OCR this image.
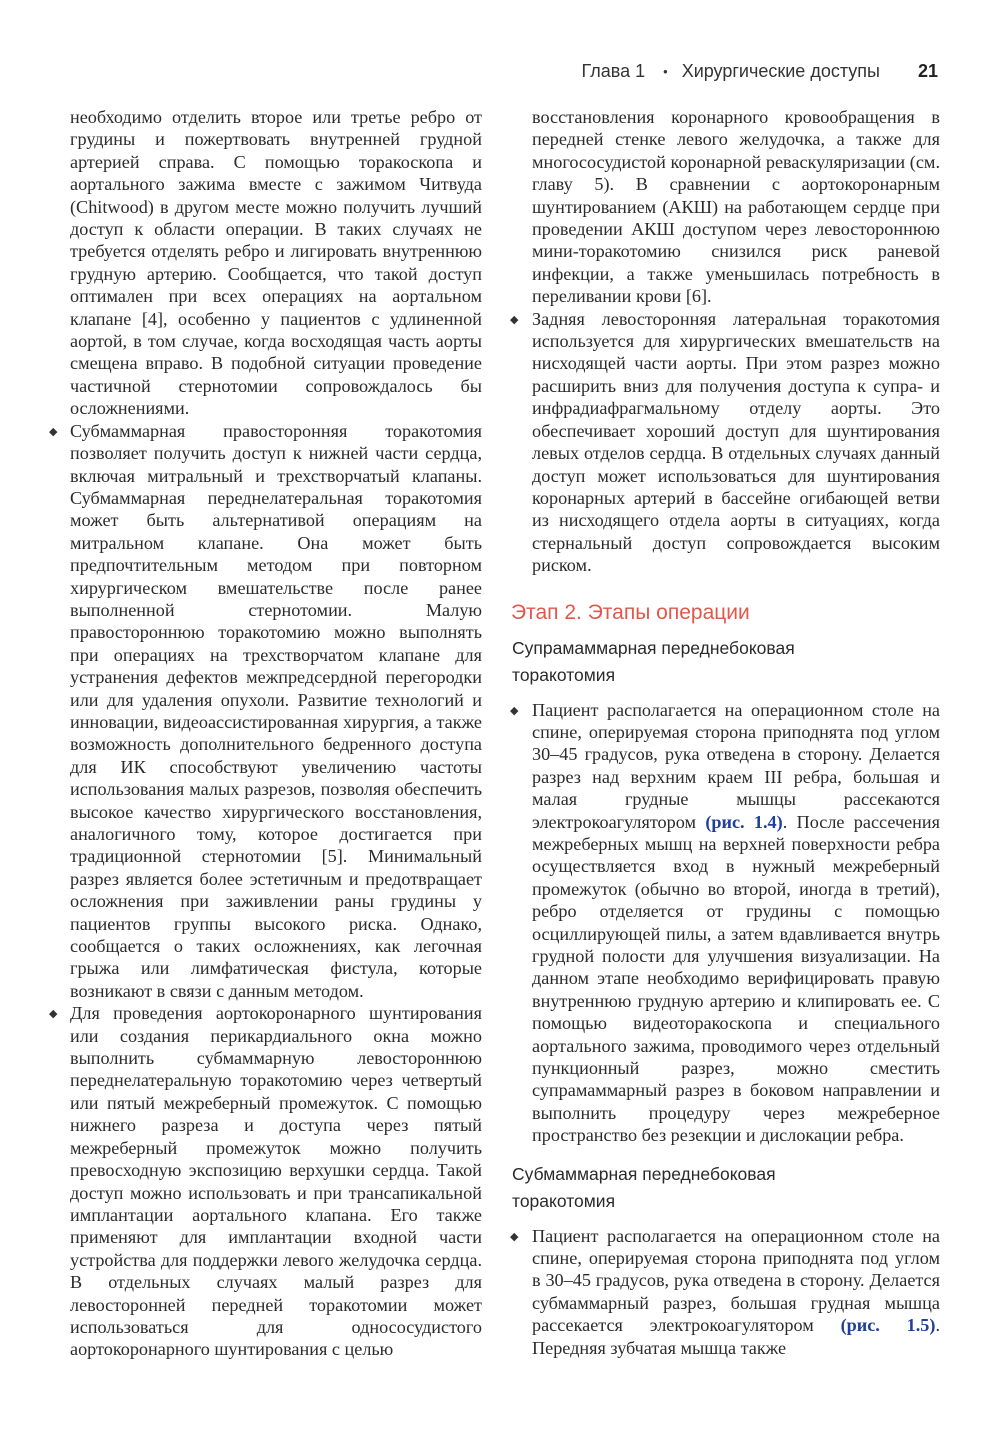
Глава 1 • Хирургические доступы 21

необходимо отделить второе или третье ребро от грудины и пожертвовать внутренней грудной артерией справа. С помощью торакоскопа и аортального зажима вместе с зажимом Читвуда (Chitwood) в другом месте можно получить лучший доступ к области операции. В таких случаях не требуется отделять ребро и лигировать внутреннюю грудную артерию. Сообщается, что такой доступ оптимален при всех операциях на аортальном клапане [4], особенно у пациентов с удлиненной аортой, в том случае, когда восходящая часть аорты смещена вправо. В подобной ситуации проведение частичной стернотомии сопровождалось бы осложнениями.

◆ Субмаммарная правосторонняя торакотомия позволяет получить доступ к нижней части сердца, включая митральный и трехстворчатый клапаны. Субмаммарная переднелатеральная торакотомия может быть альтернативой операциям на митральном клапане. Она может быть предпочтительным методом при повторном хирургическом вмешательстве после ранее выполненной стернотомии. Малую правостороннюю торакотомию можно выполнять при операциях на трехстворчатом клапане для устранения дефектов межпредсердной перегородки или для удаления опухоли. Развитие технологий и инновации, видеоассистированная хирургия, а также возможность дополнительного бедренного доступа для ИК способствуют увеличению частоты использования малых разрезов, позволяя обеспечить высокое качество хирургического восстановления, аналогичного тому, которое достигается при традиционной стернотомии [5]. Минимальный разрез является более эстетичным и предотвращает осложнения при заживлении раны грудины у пациентов группы высокого риска. Однако, сообщается о таких осложнениях, как легочная грыжа или лимфатическая фистула, которые возникают в связи с данным методом.

◆ Для проведения аортокоронарного шунтирования или создания перикардиального окна можно выполнить субмаммарную левостороннюю переднелатеральную торакотомию через четвертый или пятый межреберный промежуток. С помощью нижнего разреза и доступа через пятый межреберный промежуток можно получить превосходную экспозицию верхушки сердца. Такой доступ можно использовать и при трансапикальной имплантации аортального клапана. Его также применяют для имплантации входной части устройства для поддержки левого желудочка сердца. В отдельных случаях малый разрез для левосторонней передней торакотомии может использоваться для однососудистого аортокоронарного шунтирования с целью

восстановления коронарного кровообращения в передней стенке левого желудочка, а также для многососудистой коронарной реваскуляризации (см. главу 5). В сравнении с аортокоронарным шунтированием (АКШ) на работающем сердце при проведении АКШ доступом через левостороннюю мини-торакотомию снизился риск раневой инфекции, а также уменьшилась потребность в переливании крови [6].

◆ Задняя левосторонняя латеральная торакотомия используется для хирургических вмешательств на нисходящей части аорты. При этом разрез можно расширить вниз для получения доступа к супра- и инфрадиафрагмальному отделу аорты. Это обеспечивает хороший доступ для шунтирования левых отделов сердца. В отдельных случаях данный доступ может использоваться для шунтирования коронарных артерий в бассейне огибающей ветви из нисходящего отдела аорты в ситуациях, когда стернальный доступ сопровождается высоким риском.

Этап 2. Этапы операции
Супрамаммарная переднебоковая
торакотомия
◆ Пациент располагается на операционном столе на спине, оперируемая сторона приподнята под углом 30–45 градусов, рука отведена в сторону. Делается разрез над верхним краем III ребра, большая и малая грудные мышцы рассекаются электрокоагулятором (рис. 1.4). После рассечения межреберных мышц на верхней поверхности ребра осуществляется вход в нужный межреберный промежуток (обычно во второй, иногда в третий), ребро отделяется от грудины с помощью осциллирующей пилы, а затем вдавливается внутрь грудной полости для улучшения визуализации. На данном этапе необходимо верифицировать правую внутреннюю грудную артерию и клипировать ее. С помощью видеоторакоскопа и специального аортального зажима, проводимого через отдельный пункционный разрез, можно сместить супрамаммарный разрез в боковом направлении и выполнить процедуру через межреберное пространство без резекции и дислокации ребра.

Субмаммарная переднебоковая
торакотомия
◆ Пациент располагается на операционном столе на спине, оперируемая сторона приподнята под углом в 30–45 градусов, рука отведена в сторону. Делается субмаммарный разрез, большая грудная мышца рассекается электрокоагулятором (рис. 1.5). Передняя зубчатая мышца также
